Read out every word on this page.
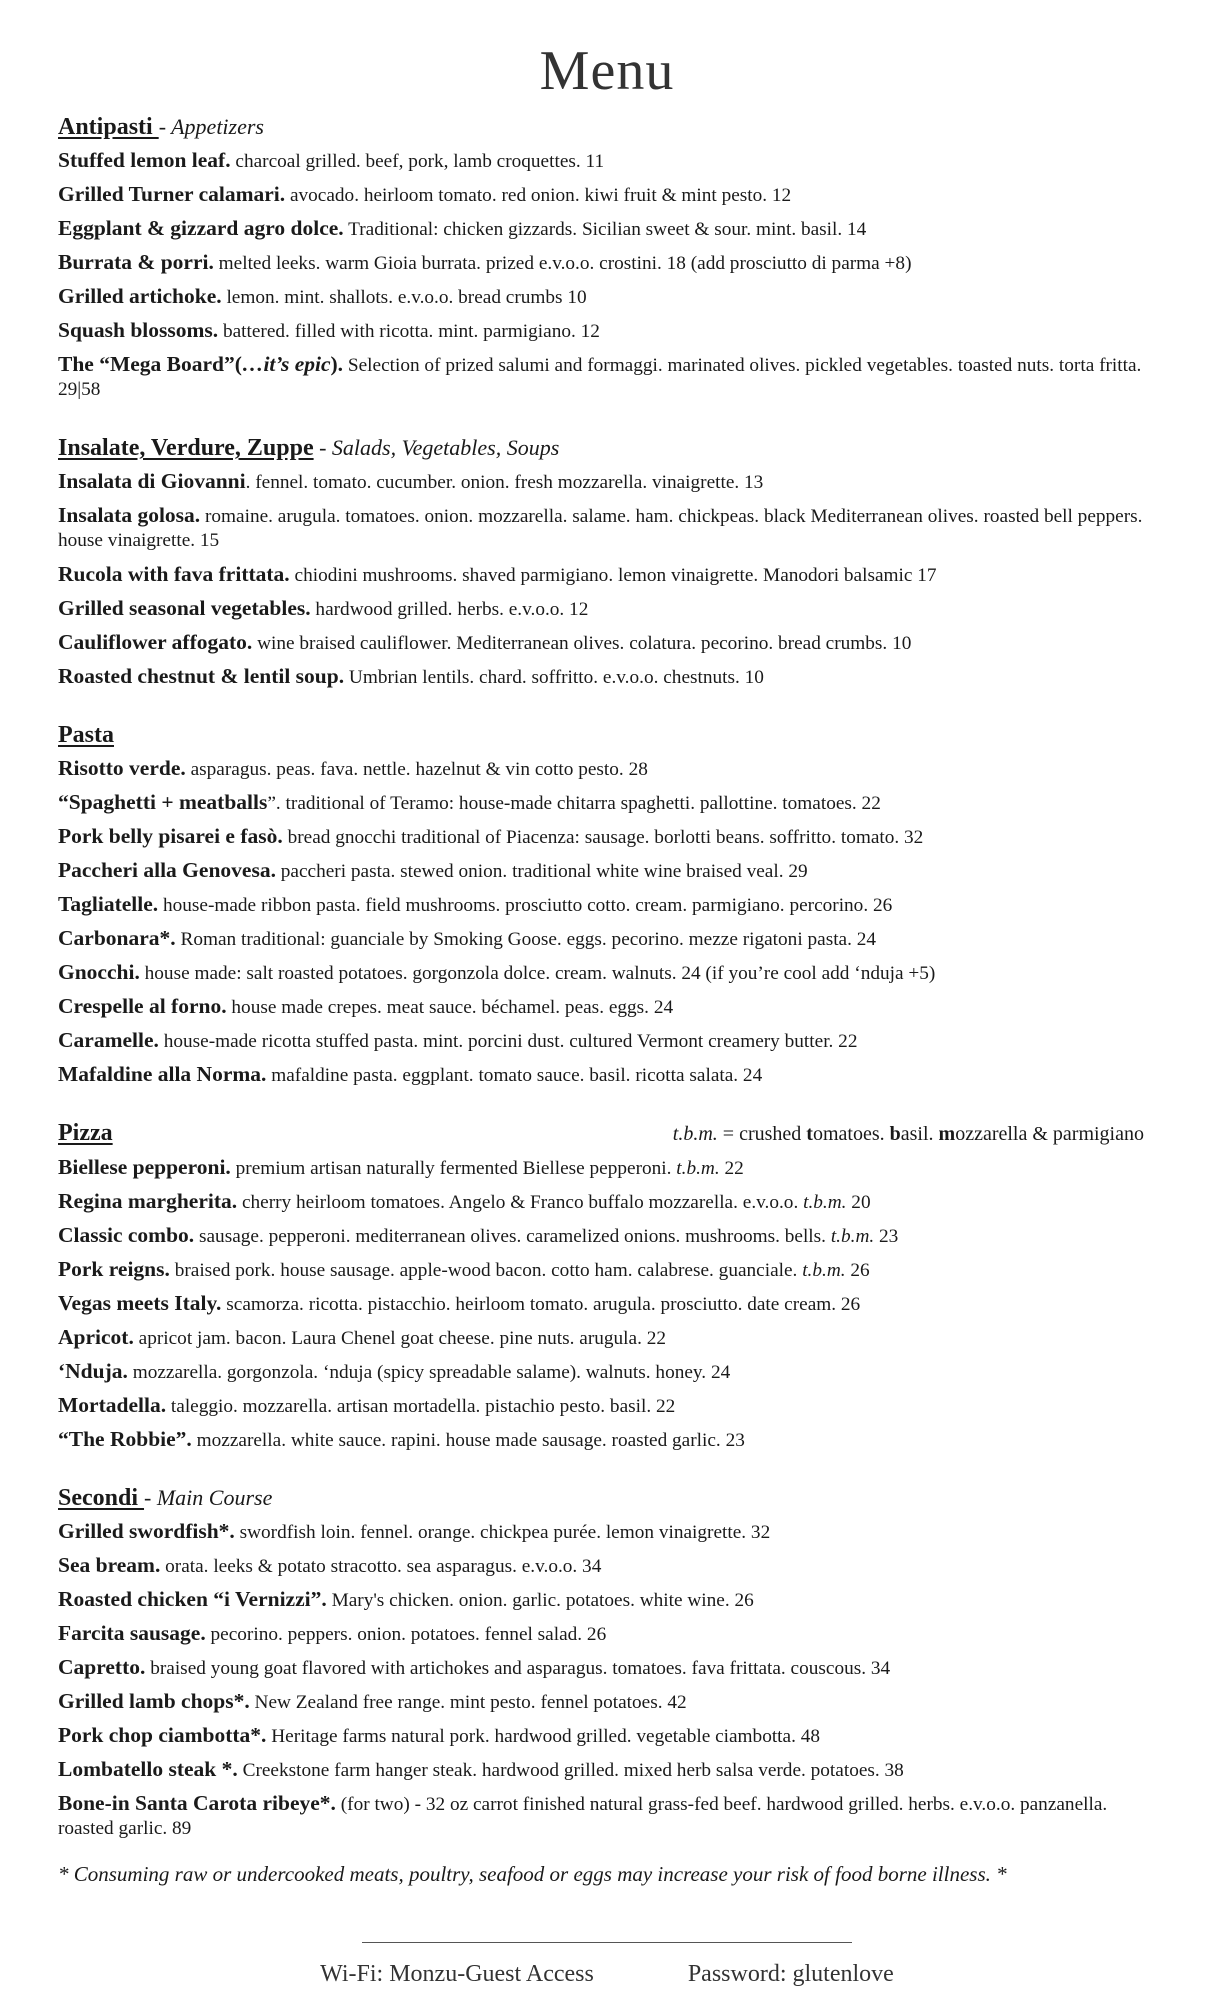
Menu
Antipasti - Appetizers

Stuffed lemon leaf. charcoal grilled. beef, pork, lamb croquettes. 11

Grilled Turner calamari. avocado. heirloom tomato. red onion. kiwi fruit & mint pesto. 12

Eggplant & gizzard agro dolce. Traditional: chicken gizzards. Sicilian sweet & sour. mint. basil. 14

Burrata & porri. melted leeks. warm Gioia burrata. prized e.v.o.o. crostini. 18 (add prosciutto di parma +8)

Grilled artichoke. lemon. mint. shallots. e.v.o.o. bread crumbs 10

Squash blossoms. battered. filled with ricotta. mint. parmigiano. 12

The “Mega Board”(…it’s epic). Selection of prized salumi and formaggi. marinated olives. pickled vegetables. toasted nuts. torta fritta. 29|58

Insalate, Verdure, Zuppe - Salads, Vegetables, Soups

Insalata di Giovanni. fennel. tomato. cucumber. onion. fresh mozzarella. vinaigrette. 13

Insalata golosa. romaine. arugula. tomatoes. onion. mozzarella. salame. ham. chickpeas. black Mediterranean olives. roasted bell peppers. house vinaigrette. 15

Rucola with fava frittata. chiodini mushrooms. shaved parmigiano. lemon vinaigrette. Manodori balsamic 17

Grilled seasonal vegetables. hardwood grilled. herbs. e.v.o.o. 12

Cauliflower affogato. wine braised cauliflower. Mediterranean olives. colatura. pecorino. bread crumbs. 10

Roasted chestnut & lentil soup. Umbrian lentils. chard. soffritto. e.v.o.o. chestnuts. 10

Pasta

Risotto verde. asparagus. peas. fava. nettle. hazelnut & vin cotto pesto. 28

“Spaghetti + meatballs”. traditional of Teramo: house-made chitarra spaghetti. pallottine. tomatoes. 22

Pork belly pisarei e fasò. bread gnocchi traditional of Piacenza: sausage. borlotti beans. soffritto. tomato. 32

Paccheri alla Genovesa. paccheri pasta. stewed onion. traditional white wine braised veal. 29

Tagliatelle. house-made ribbon pasta. field mushrooms. prosciutto cotto. cream. parmigiano. percorino. 26

Carbonara*. Roman traditional: guanciale by Smoking Goose. eggs. pecorino. mezze rigatoni pasta. 24

Gnocchi. house made: salt roasted potatoes. gorgonzola dolce. cream. walnuts. 24 (if you’re cool add ‘nduja +5)

Crespelle al forno. house made crepes. meat sauce. béchamel. peas. eggs. 24

Caramelle. house-made ricotta stuffed pasta. mint. porcini dust. cultured Vermont creamery butter. 22

Mafaldine alla Norma. mafaldine pasta. eggplant. tomato sauce. basil. ricotta salata. 24

Pizza	t.b.m. = crushed tomatoes. basil. mozzarella & parmigiano

Biellese pepperoni. premium artisan naturally fermented Biellese pepperoni. t.b.m. 22

Regina margherita. cherry heirloom tomatoes. Angelo & Franco buffalo mozzarella. e.v.o.o. t.b.m. 20

Classic combo. sausage. pepperoni. mediterranean olives. caramelized onions. mushrooms. bells. t.b.m. 23

Pork reigns. braised pork. house sausage. apple-wood bacon. cotto ham. calabrese. guanciale. t.b.m. 26

Vegas meets Italy. scamorza. ricotta. pistacchio. heirloom tomato. arugula. prosciutto. date cream. 26

Apricot. apricot jam. bacon. Laura Chenel goat cheese. pine nuts. arugula. 22

‘Nduja. mozzarella. gorgonzola. ‘nduja (spicy spreadable salame). walnuts. honey. 24

Mortadella. taleggio. mozzarella. artisan mortadella. pistachio pesto. basil. 22

“The Robbie”. mozzarella. white sauce. rapini. house made sausage. roasted garlic. 23

Secondi - Main Course

Grilled swordfish*. swordfish loin. fennel. orange. chickpea purée. lemon vinaigrette. 32

Sea bream. orata. leeks & potato stracotto. sea asparagus. e.v.o.o. 34

Roasted chicken “i Vernizzi”. Mary's chicken. onion. garlic. potatoes. white wine. 26

Farcita sausage. pecorino. peppers. onion. potatoes. fennel salad. 26

Capretto. braised young goat flavored with artichokes and asparagus. tomatoes. fava frittata. couscous. 34

Grilled lamb chops*. New Zealand free range. mint pesto. fennel potatoes. 42

Pork chop ciambotta*. Heritage farms natural pork. hardwood grilled. vegetable ciambotta. 48

Lombatello steak *. Creekstone farm hanger steak. hardwood grilled. mixed herb salsa verde. potatoes. 38

Bone-in Santa Carota ribeye*. (for two) - 32 oz carrot finished natural grass-fed beef. hardwood grilled. herbs. e.v.o.o. panzanella. roasted garlic. 89

* Consuming raw or undercooked meats, poultry, seafood or eggs may increase your risk of food borne illness. *
Wi-Fi: Monzu-Guest Access	Password: glutenlove
